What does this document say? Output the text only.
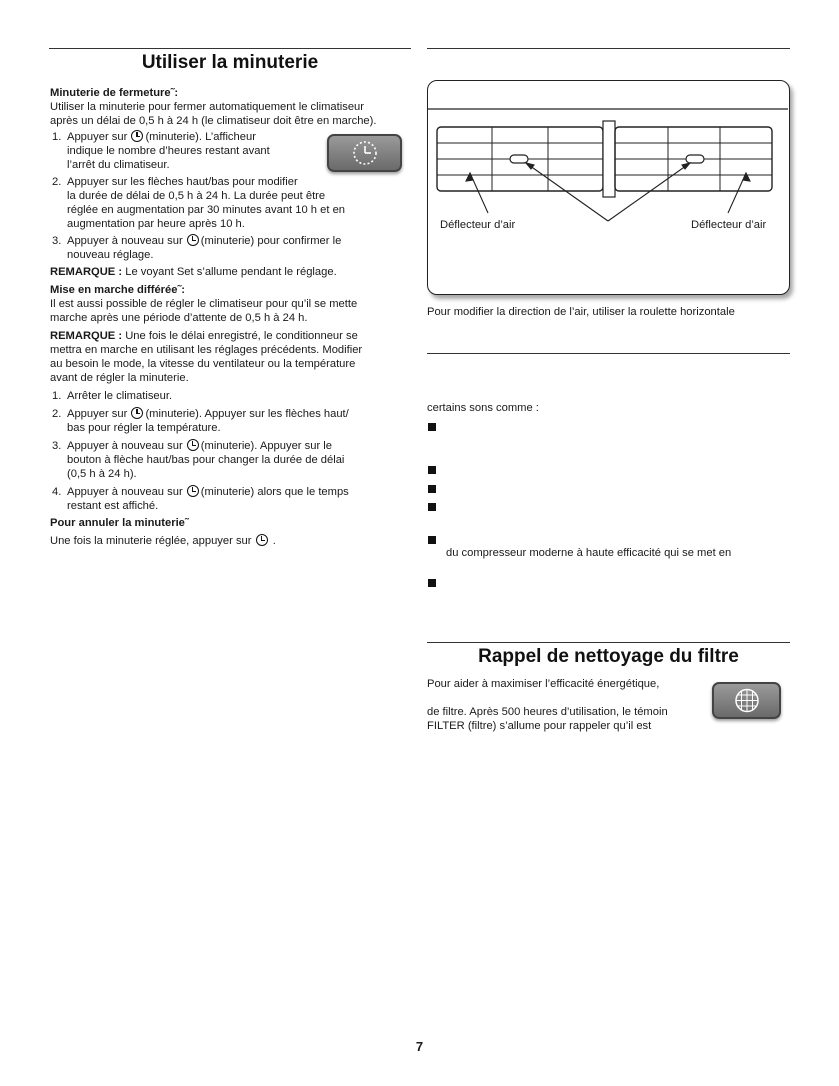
Utiliser la minuterie
Minuterie de fermeture˜:
Utiliser la minuterie pour fermer automatiquement le climatiseur
après un délai de 0,5 h à 24 h (le climatiseur doit être en marche).
1. Appuyer sur (minuterie). L’afficheur
indique le nombre d’heures restant avant
l’arrêt du climatiseur.
2. Appuyer sur les flèches haut/bas pour modifier
la durée de délai de 0,5 h à 24 h. La durée peut être
réglée en augmentation par 30 minutes avant 10 h et en
augmentation par heure après 10 h.
3. Appuyer à nouveau sur (minuterie) pour confirmer le
nouveau réglage.
REMARQUE : Le voyant Set s’allume pendant le réglage.
Mise en marche différée˜:
Il est aussi possible de régler le climatiseur pour qu’il se mette
marche après une période d’attente de 0,5 h à 24 h.
REMARQUE : Une fois le délai enregistré, le conditionneur se
mettra en marche en utilisant les réglages précédents. Modifier
au besoin le mode, la vitesse du ventilateur ou la température
avant de régler la minuterie.
1. Arrêter le climatiseur.
2. Appuyer sur (minuterie). Appuyer sur les flèches haut/
bas pour régler la température.
3. Appuyer à nouveau sur (minuterie). Appuyer sur le
bouton à flèche haut/bas pour changer la durée de délai
(0,5 h à 24 h).
4. Appuyer à nouveau sur (minuterie) alors que le temps
restant est affiché.
Pour annuler la minuterie˜
Une fois la minuterie réglée, appuyer sur .
Déflecteur d’air	Déflecteur d’air
Pour modifier la direction de l’air, utiliser la roulette horizontale
certains sons comme :
du compresseur moderne à haute efficacité qui se met en
Rappel de nettoyage du filtre
Pour aider à maximiser l’efficacité énergétique,
de filtre. Après 500 heures d’utilisation, le témoin
FILTER (filtre) s’allume pour rappeler qu’il est
7
